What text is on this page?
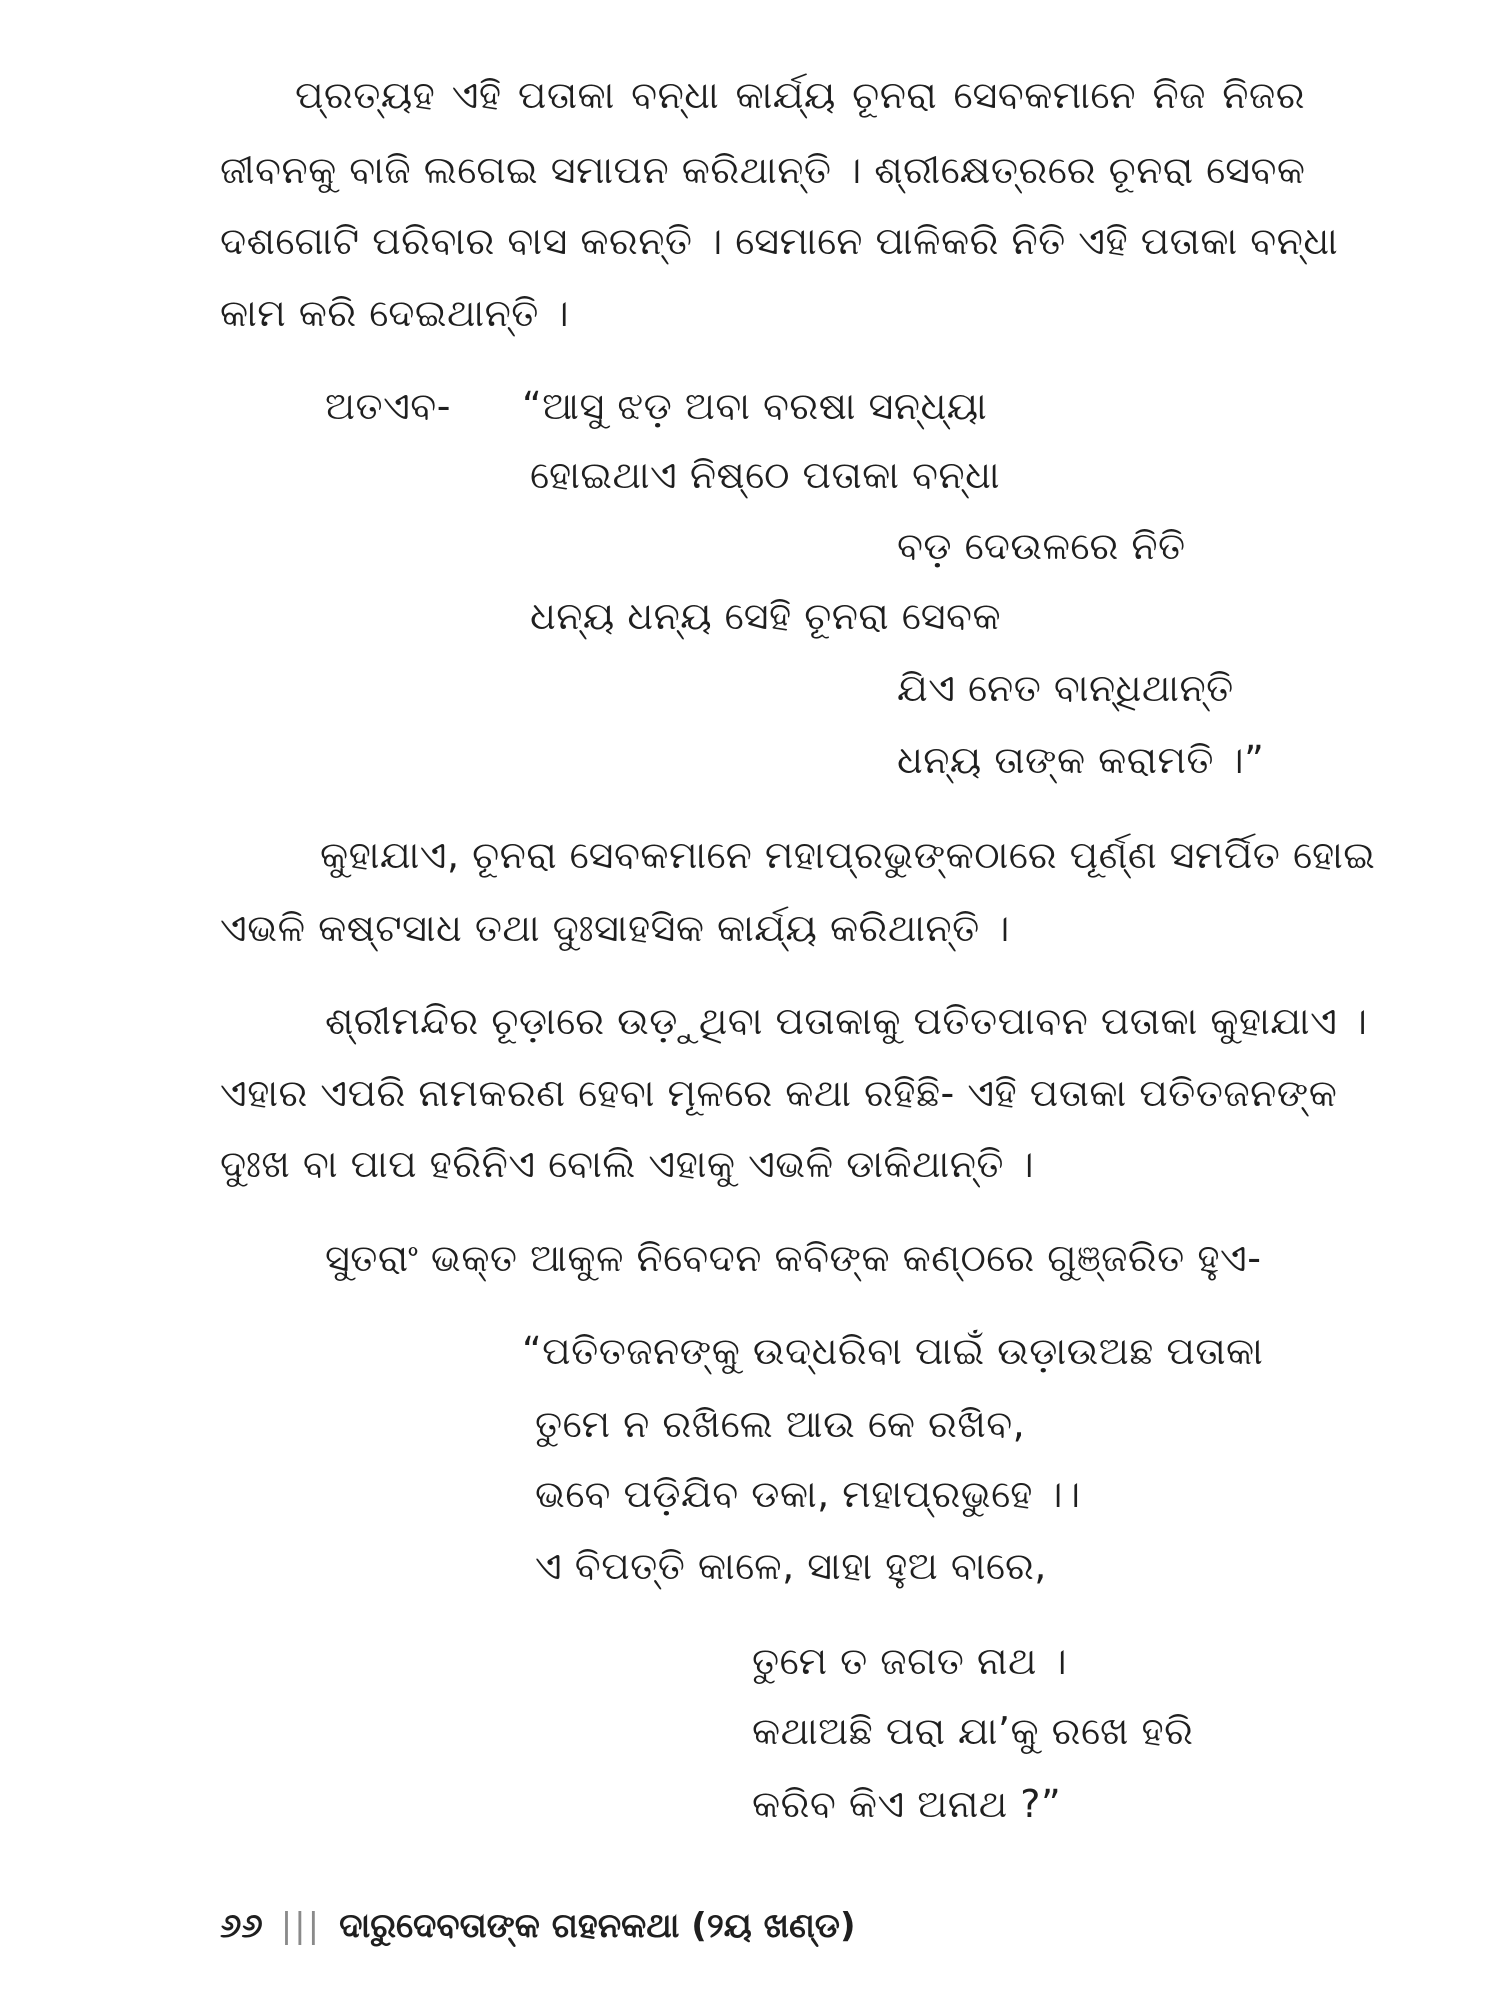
ପ୍ରତ୍ୟହ ଏହି ପତାକା ବନ୍ଧା କାର୍ଯ୍ୟ ଚୂନରା ସେବକମାନେ ନିଜ ନିଜର
ଜୀବନକୁ ବାଜି ଲଗେଇ ସମାପନ କରିଥାନ୍ତି । ଶ୍ରୀକ୍ଷେତ୍ରରେ ଚୂନରା ସେବକ
ଦଶଗୋଟି ପରିବାର ବାସ କରନ୍ତି । ସେମାନେ ପାଳିକରି ନିତି ଏହି ପତାକା ବନ୍ଧା
କାମ କରି ଦେଇଥାନ୍ତି ।
ଅତଏବ- “ଆସୁ ଝଡ଼ ଅବା ବରଷା ସନ୍ଧ୍ୟା
ହୋଇଥାଏ ନିଷ୍ଠେ ପତାକା ବନ୍ଧା
ବଡ଼ ଦେଉଳରେ ନିତି
ଧନ୍ୟ ଧନ୍ୟ ସେହି ଚୂନରା ସେବକ
ଯିଏ ନେତ ବାନ୍ଧିଥାନ୍ତି
ଧନ୍ୟ ତାଙ୍କ କରାମତି ।”
କୁହାଯାଏ, ଚୂନରା ସେବକମାନେ ମହାପ୍ରଭୁଙ୍କଠାରେ ପୂର୍ଣ୍ଣ ସମର୍ପିତ ହୋଇ
ଏଭଳି କଷ୍ଟସାଧ ତଥା ଦୁଃସାହସିକ କାର୍ଯ୍ୟ କରିଥାନ୍ତି ।
ଶ୍ରୀମନ୍ଦିର ଚୂଡ଼ାରେ ଉଡ଼ୁଥିବା ପତାକାକୁ ପତିତପାବନ ପତାକା କୁହାଯାଏ ।
ଏହାର ଏପରି ନାମକରଣ ହେବା ମୂଳରେ କଥା ରହିଛି- ଏହି ପତାକା ପତିତଜନଙ୍କ
ଦୁଃଖ ବା ପାପ ହରିନିଏ ବୋଲି ଏହାକୁ ଏଭଳି ଡାକିଥାନ୍ତି ।
ସୁତରାଂ ଭକ୍ତ ଆକୁଳ ନିବେଦନ କବିଙ୍କ କଣ୍ଠରେ ଗୁଞ୍ଜରିତ ହୁଏ-
“ପତିତଜନଙ୍କୁ ଉଦ୍ଧରିବା ପାଇଁ ଉଡ଼ାଉଅଛ ପତାକା
ତୁମେ ନ ରଖିଲେ ଆଉ କେ ରଖିବ,
ଭବେ ପଡ଼ିଯିବ ଡକା, ମହାପ୍ରଭୁହେ ।।
ଏ ବିପତ୍ତି କାଳେ, ସାହା ହୁଅ ବାରେ,
ତୁମେ ତ ଜଗତ ନାଥ ।
କଥାଅଛି ପରା ଯା’କୁ ରଖେ ହରି
କରିବ କିଏ ଅନାଥ ?”
୬୬ ||| ଦାରୁଦେବତାଙ୍କ ଗହନକଥା (୨ୟ ଖଣ୍ଡ)
